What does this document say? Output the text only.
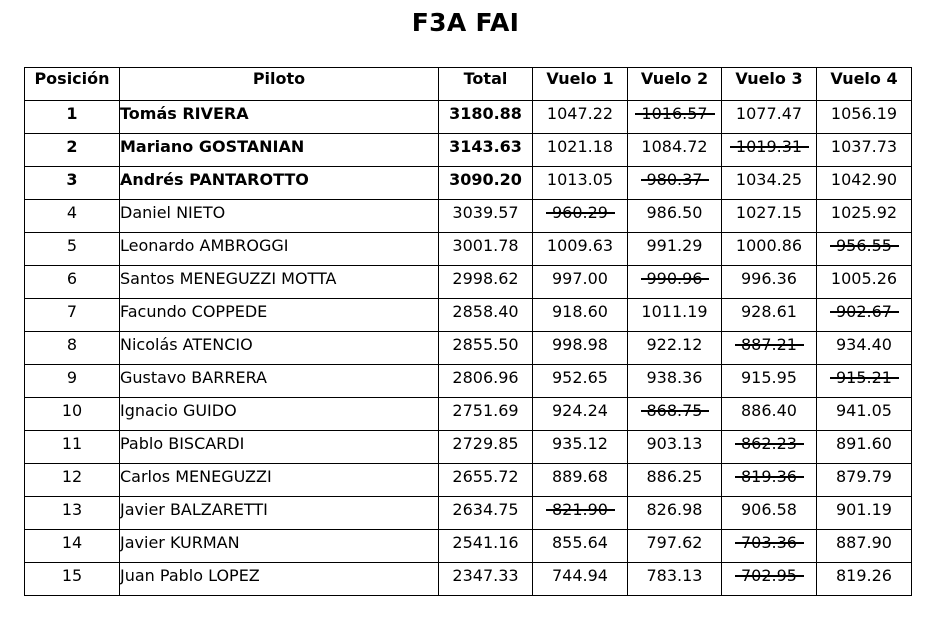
F3A FAI
Posición	Piloto	Total	Vuelo 1	Vuelo 2	Vuelo 3	Vuelo 4
1	Tomás RIVERA	3180.88	1047.22	1016.57	1077.47	1056.19
2	Mariano GOSTANIAN	3143.63	1021.18	1084.72	1019.31	1037.73
3	Andrés PANTAROTTO	3090.20	1013.05	980.37	1034.25	1042.90
4	Daniel NIETO	3039.57	960.29	986.50	1027.15	1025.92
5	Leonardo AMBROGGI	3001.78	1009.63	991.29	1000.86	956.55
6	Santos MENEGUZZI MOTTA	2998.62	997.00	990.96	996.36	1005.26
7	Facundo COPPEDE	2858.40	918.60	1011.19	928.61	902.67
8	Nicolás ATENCIO	2855.50	998.98	922.12	887.21	934.40
9	Gustavo BARRERA	2806.96	952.65	938.36	915.95	915.21
10	Ignacio GUIDO	2751.69	924.24	868.75	886.40	941.05
11	Pablo BISCARDI	2729.85	935.12	903.13	862.23	891.60
12	Carlos MENEGUZZI	2655.72	889.68	886.25	819.36	879.79
13	Javier BALZARETTI	2634.75	821.90	826.98	906.58	901.19
14	Javier KURMAN	2541.16	855.64	797.62	703.36	887.90
15	Juan Pablo LOPEZ	2347.33	744.94	783.13	702.95	819.26
